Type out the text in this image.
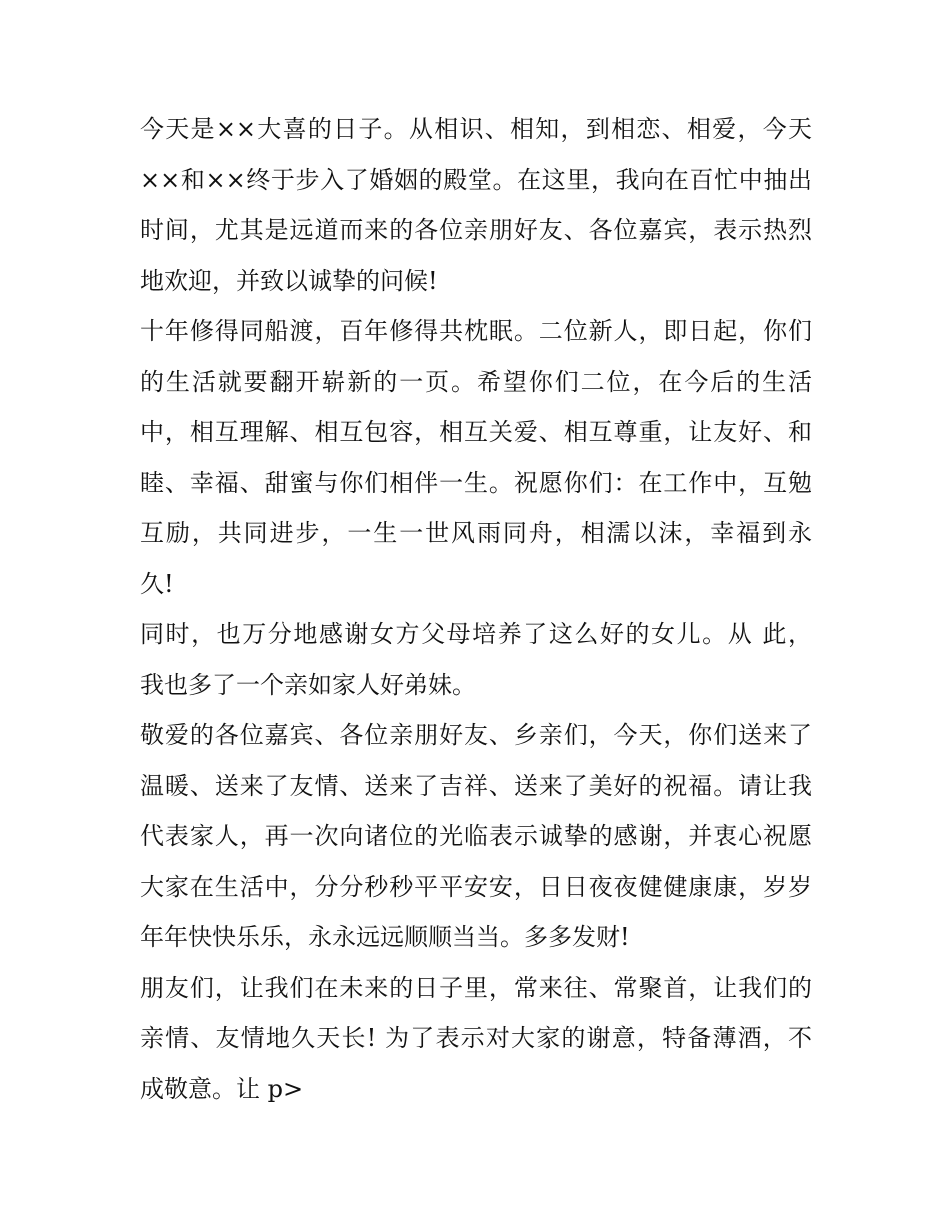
今天是××大喜的日子。从相识、相知，到相恋、相爱，今天
××和××终于步入了婚姻的殿堂。在这里，我向在百忙中抽出
时间，尤其是远道而来的各位亲朋好友、各位嘉宾，表示热烈
地欢迎，并致以诚挚的问候!

十年修得同船渡，百年修得共枕眠。二位新人，即日起，你们
的生活就要翻开崭新的一页。希望你们二位，在今后的生活
中，相互理解、相互包容，相互关爱、相互尊重，让友好、和
睦、幸福、甜蜜与你们相伴一生。祝愿你们：在工作中，互勉
互励，共同进步，一生一世风雨同舟，相濡以沫，幸福到永
久!

同时，也万分地感谢女方父母培养了这么好的女儿。从 此，
我也多了一个亲如家人好弟妹。

敬爱的各位嘉宾、各位亲朋好友、乡亲们，今天，你们送来了
温暖、送来了友情、送来了吉祥、送来了美好的祝福。请让我
代表家人，再一次向诸位的光临表示诚挚的感谢，并衷心祝愿
大家在生活中，分分秒秒平平安安，日日夜夜健健康康，岁岁
年年快快乐乐，永永远远顺顺当当。多多发财!

朋友们，让我们在未来的日子里，常来往、常聚首，让我们的
亲情、友情地久天长! 为了表示对大家的谢意，特备薄酒，不
成敬意。让 p>
